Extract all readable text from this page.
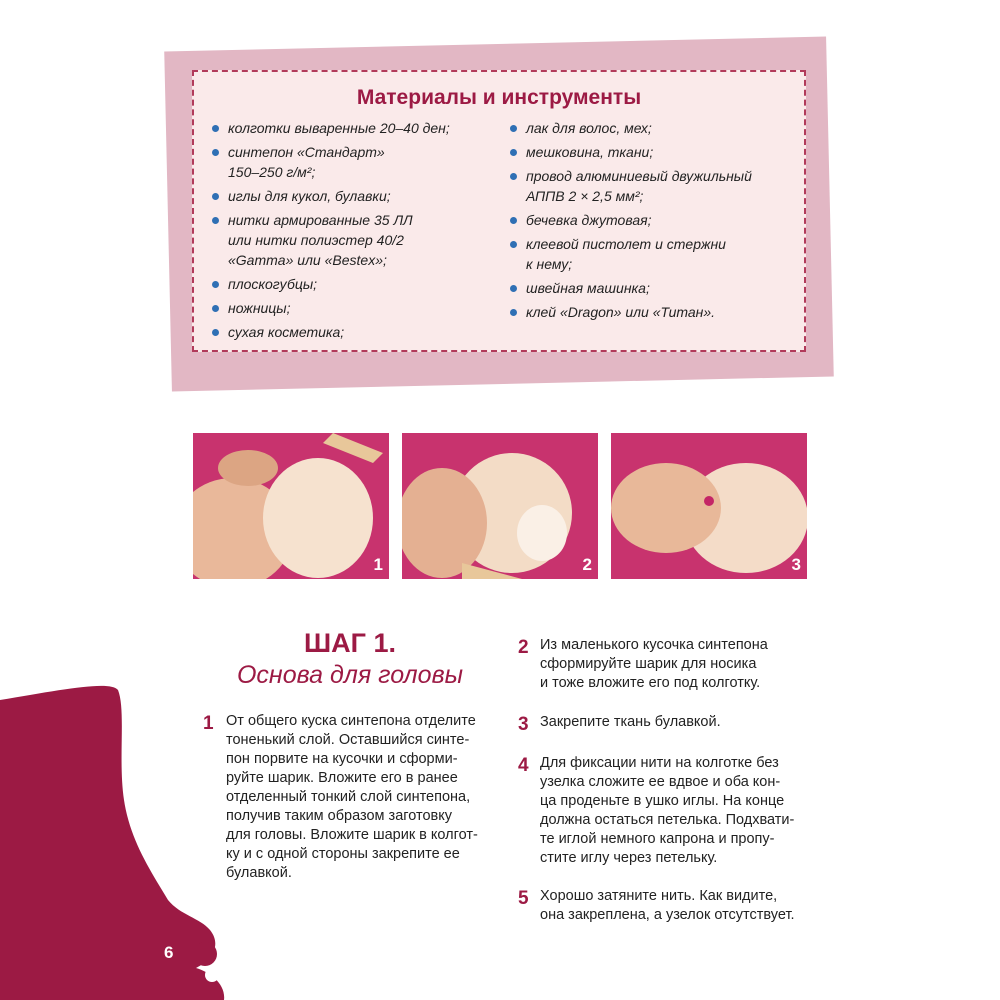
Материалы и инструменты
колготки вываренные 20–40 ден;
синтепон «Стандарт»
150–250 г/м²;
иглы для кукол, булавки;
нитки армированные 35 ЛЛ
или нитки полиэстер 40/2
«Gamma» или «Bestex»;
плоскогубцы;
ножницы;
сухая косметика;
лак для волос, мех;
мешковина, ткани;
провод алюминиевый двужильный
АППВ 2 × 2,5 мм²;
бечевка джутовая;
клеевой пистолет и стержни
к нему;
швейная машинка;
клей «Dragon» или «Титан».
1	2	3
ШАГ 1.
Основа для головы
1 От общего куска синтепона отделите
тоненький слой. Оставшийся синте-
пон порвите на кусочки и сформи-
руйте шарик. Вложите его в ранее
отделенный тонкий слой синтепона,
получив таким образом заготовку
для головы. Вложите шарик в колгот-
ку и с одной стороны закрепите ее
булавкой.
2 Из маленького кусочка синтепона
сформируйте шарик для носика
и тоже вложите его под колготку.
3 Закрепите ткань булавкой.
4 Для фиксации нити на колготке без
узелка сложите ее вдвое и оба кон-
ца проденьте в ушко иглы. На конце
должна остаться петелька. Подхвати-
те иглой немного капрона и пропу-
стите иглу через петельку.
5 Хорошо затяните нить. Как видите,
она закреплена, а узелок отсутствует.
6
